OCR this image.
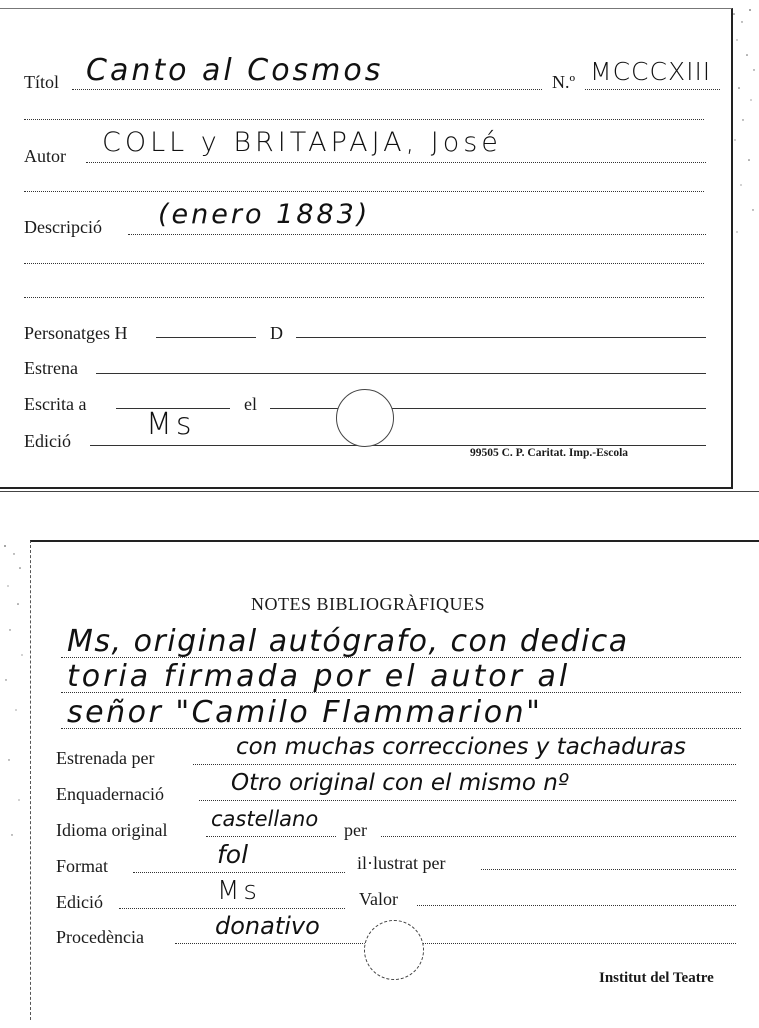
Títol Canto al Cosmos	N.º MCCCXIII
Autor COLL y BRITAPAJA, José
Descripció (enero 1883)
Personatges H	D
Estrena
Escrita a	el
Edició	Ms
99505 C. P. Caritat. Imp.-Escola
NOTES BIBLIOGRÀFIQUES
Ms, original autógrafo, con dedica
toria firmada por el autor al
señor "Camilo Flammarion"
Estrenada per	con muchas correcciones y tachaduras
Enquadernació	Otro original con el mismo nº
Idioma original castellano per
Format	fol	il·lustrat per
Edició	Ms	Valor
Procedència	donativo
Institut del Teatre
